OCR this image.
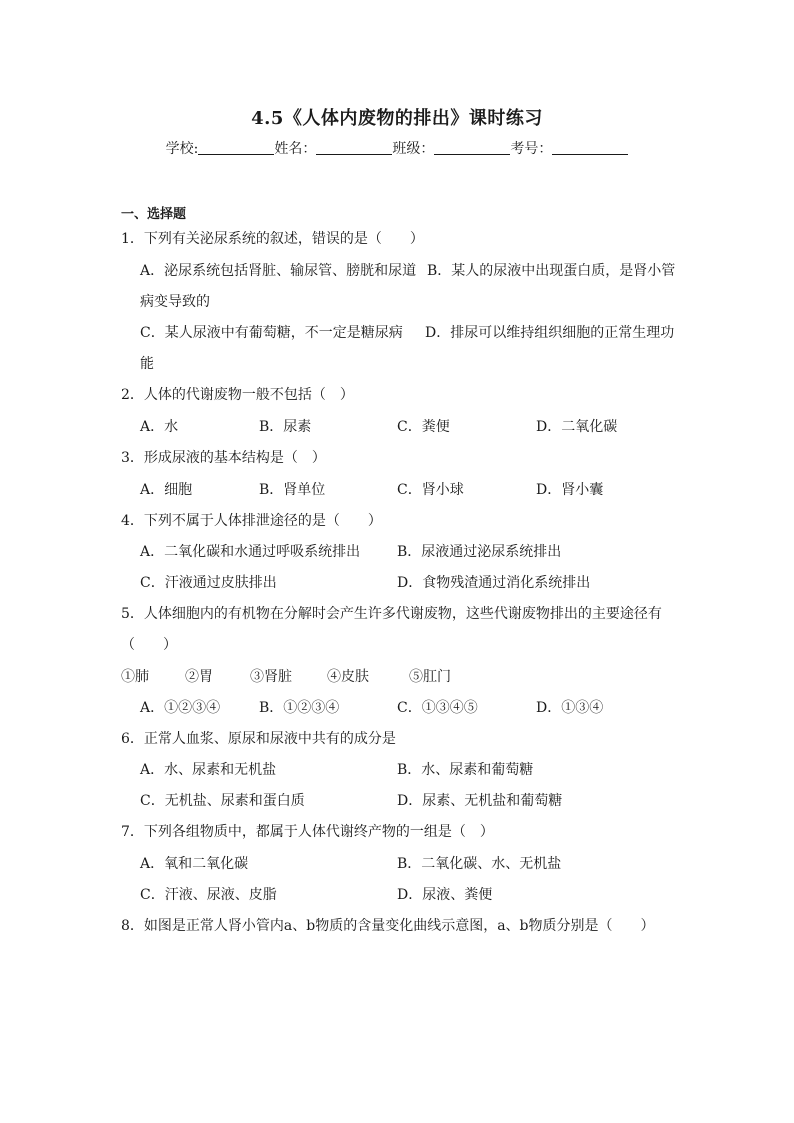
4.5《人体内废物的排出》课时练习
学校:	姓名：	班级：	考号：
一、选择题
1．下列有关泌尿系统的叙述，错误的是（　　）
A．泌尿系统包括肾脏、输尿管、膀胱和尿道 B．某人的尿液中出现蛋白质，是肾小管
病变导致的
C．某人尿液中有葡萄糖，不一定是糖尿病 D．排尿可以维持组织细胞的正常生理功
能
2．人体的代谢废物一般不包括（　）
A．水	B．尿素	C．粪便	D．二氧化碳
3．形成尿液的基本结构是（　）
A．细胞	B．肾单位	C．肾小球	D．肾小囊
4．下列不属于人体排泄途径的是（　　）
A．二氧化碳和水通过呼吸系统排出	B．尿液通过泌尿系统排出
C．汗液通过皮肤排出	D．食物残渣通过消化系统排出
5．人体细胞内的有机物在分解时会产生许多代谢废物，这些代谢废物排出的主要途径有
（　　）
①肺	②胃	③肾脏	④皮肤	⑤肛门
A．①②③④	B．①②③④	C．①③④⑤	D．①③④
6．正常人血浆、原尿和尿液中共有的成分是
A．水、尿素和无机盐	B．水、尿素和葡萄糖
C．无机盐、尿素和蛋白质	D．尿素、无机盐和葡萄糖
7．下列各组物质中，都属于人体代谢终产物的一组是（　）
A．氧和二氧化碳	B．二氧化碳、水、无机盐
C．汗液、尿液、皮脂	D．尿液、粪便
8．如图是正常人肾小管内a、b物质的含量变化曲线示意图，a、b物质分别是（　　）
